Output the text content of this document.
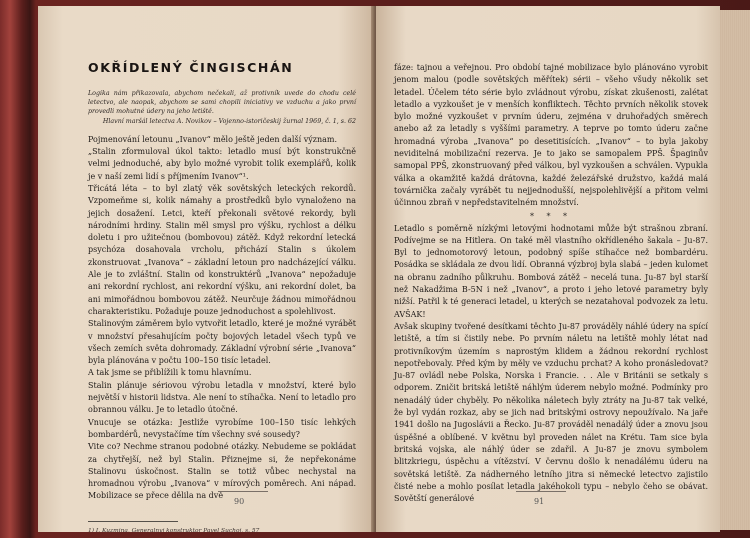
OKŘÍDLENÝ ČINGISCHÁN
Logika nám přikazovala, abychom nečekali, až protivník uvede do chodu celé letectvo, ale naopak, abychom se sami chopili iniciativy ve vzduchu a jako první provedli mohutné údery na jeho letiště.

Hlavní maršál letectva A. Novikov – Vojenno-istoričeskij žurnal 1969, č. 1, s. 62
Pojmenování letounu „Ivanov“ mělo ještě jeden další význam.
„Stalin zformuloval úkol takto: letadlo musí být konstrukčně velmi jednoduché, aby bylo možné vyrobit tolik exemplářů, kolik je v naší zemi lidí s příjmením Ivanov“¹.
Třicátá léta – to byl zlatý věk sovětských leteckých rekordů. Vzpomeňme si, kolik námahy a prostředků bylo vynaloženo na jejich dosažení. Letci, kteří překonali světové rekordy, byli národními hrdiny. Stalin měl smysl pro výšku, rychlost a délku doletu i pro užitečnou (bombovou) zátěž. Když rekordní letecká psychóza dosahovala vrcholu, přichází Stalin s úkolem zkonstruovat „Ivanova“ – základní letoun pro nadcházející válku. Ale je to zvláštní. Stalin od konstruktérů „Ivanova“ nepožaduje ani rekordní rychlost, ani rekordní výšku, ani rekordní dolet, ba ani mimořádnou bombovou zátěž. Neurčuje žádnou mimořádnou charakteristiku. Požaduje pouze jednoduchost a spolehlivost.
Stalinovým záměrem bylo vytvořit letadlo, které je možné vyrábět v množství přesahujícím počty bojových letadel všech typů ve všech zemích světa dohromady. Základní výrobní série „Ivanova“ byla plánována v počtu 100–150 tisíc letadel.
A tak jsme se přiblížili k tomu hlavnímu.
Stalin plánuje sériovou výrobu letadla v množství, které bylo největší v historii lidstva. Ale není to stíhačka. Není to letadlo pro obrannou válku. Je to letadlo útočné.
Vnucuje se otázka: Jestliže vyrobíme 100–150 tisíc lehkých bombardérů, nevystačíme tím všechny své sousedy?
Vite co? Nechme stranou podobné otázky. Nebudeme se pokládat za chytřejší, než byl Stalin. Přiznejme si, že nepřekonáme Stalinovu úskočnost. Stalin se totiž vůbec nechystal na hromadnou výrobu „Ivanova“ v mírových poměrech. Ani nápad. Mobilizace se přece dělila na dvě
1) I. Kuzmina, Generalnyj konstruktor Pavel Suchoj, s. 57
90
fáze: tajnou a veřejnou. Pro období tajné mobilizace bylo plánováno vyrobit jenom malou (podle sovětských měřítek) sérii – všeho všudy několik set letadel. Účelem této série bylo zvládnout výrobu, získat zkušenosti, zalétat letadlo a vyzkoušet je v menších konfliktech. Těchto prvních několik stovek bylo možné vyzkoušet v prvním úderu, zejména v druhořadých směrech anebo až za letadly s vyššími parametry. A teprve po tomto úderu začne hromadná výroba „Ivanova“ po desetitisících. „Ivanov“ – to byla jakoby neviditelná mobilizační rezerva. Je to jako se samopalem PPŠ. Špaginův samopal PPŠ, zkonstruovaný před válkou, byl vyzkoušen a schválen. Vypukla válka a okamžitě každá drátovna, každé železářské družstvo, každá malá továrnička začaly vyrábět tu nejjednodušší, nejspolehlivější a přitom velmi účinnou zbraň v nepředstavitelném množství.
* * *
Letadlo s poměrně nízkými letovými hodnotami může být strašnou zbraní. Podívejme se na Hitlera. On také měl vlastního okřídleného šakala – Ju-87. Byl to jednomotorový letoun, podobný spíše stíhačce než bombardéru. Posádka se skládala ze dvou lidí. Obranná výzbroj byla slabá – jeden kulomet na obranu zadního půlkruhu. Bombová zátěž – necelá tuna. Ju-87 byl starší než Nakadžima B-5N i než „Ivanov“, a proto i jeho letové parametry byly nižší. Patřil k té generaci letadel, u kterých se nezatahoval podvozek za letu. AVŠAK!
Avšak skupiny tvořené desítkami těchto Ju-87 prováděly náhlé údery na spící letiště, a tím si čistily nebe. Po prvním náletu na letiště mohly létat nad protivníkovým územím s naprostým klidem a žádnou rekordní rychlost nepotřebovaly. Před kým by měly ve vzduchu prchat? A koho pronásledovat? Ju-87 ovládl nebe Polska, Norska i Francie. . . Ale v Británii se setkaly s odporem. Zničit britská letiště náhlým úderem nebylo možné. Podmínky pro nenadálý úder chyběly. Po několika náletech byly ztráty na Ju-87 tak velké, že byl vydán rozkaz, aby se jich nad britskými ostrovy nepoužívalo. Na jaře 1941 došlo na Jugoslávii a Řecko. Ju-87 prováděl nenadálý úder a znovu jsou úspěšné a oblíbené. V květnu byl proveden nálet na Krétu. Tam sice byla britská vojska, ale náhlý úder se zdařil. A Ju-87 je znovu symbolem blitzkriegu, úspěchu a vítězství. V červnu došlo k nenadálému úderu na sovětská letiště. Za nádherného letního jitra si německé letectvo zajistilo čisté nebe a mohlo posílat letadla jakéhokoli typu – nebylo čeho se obávat. Sovětští generálové	91
